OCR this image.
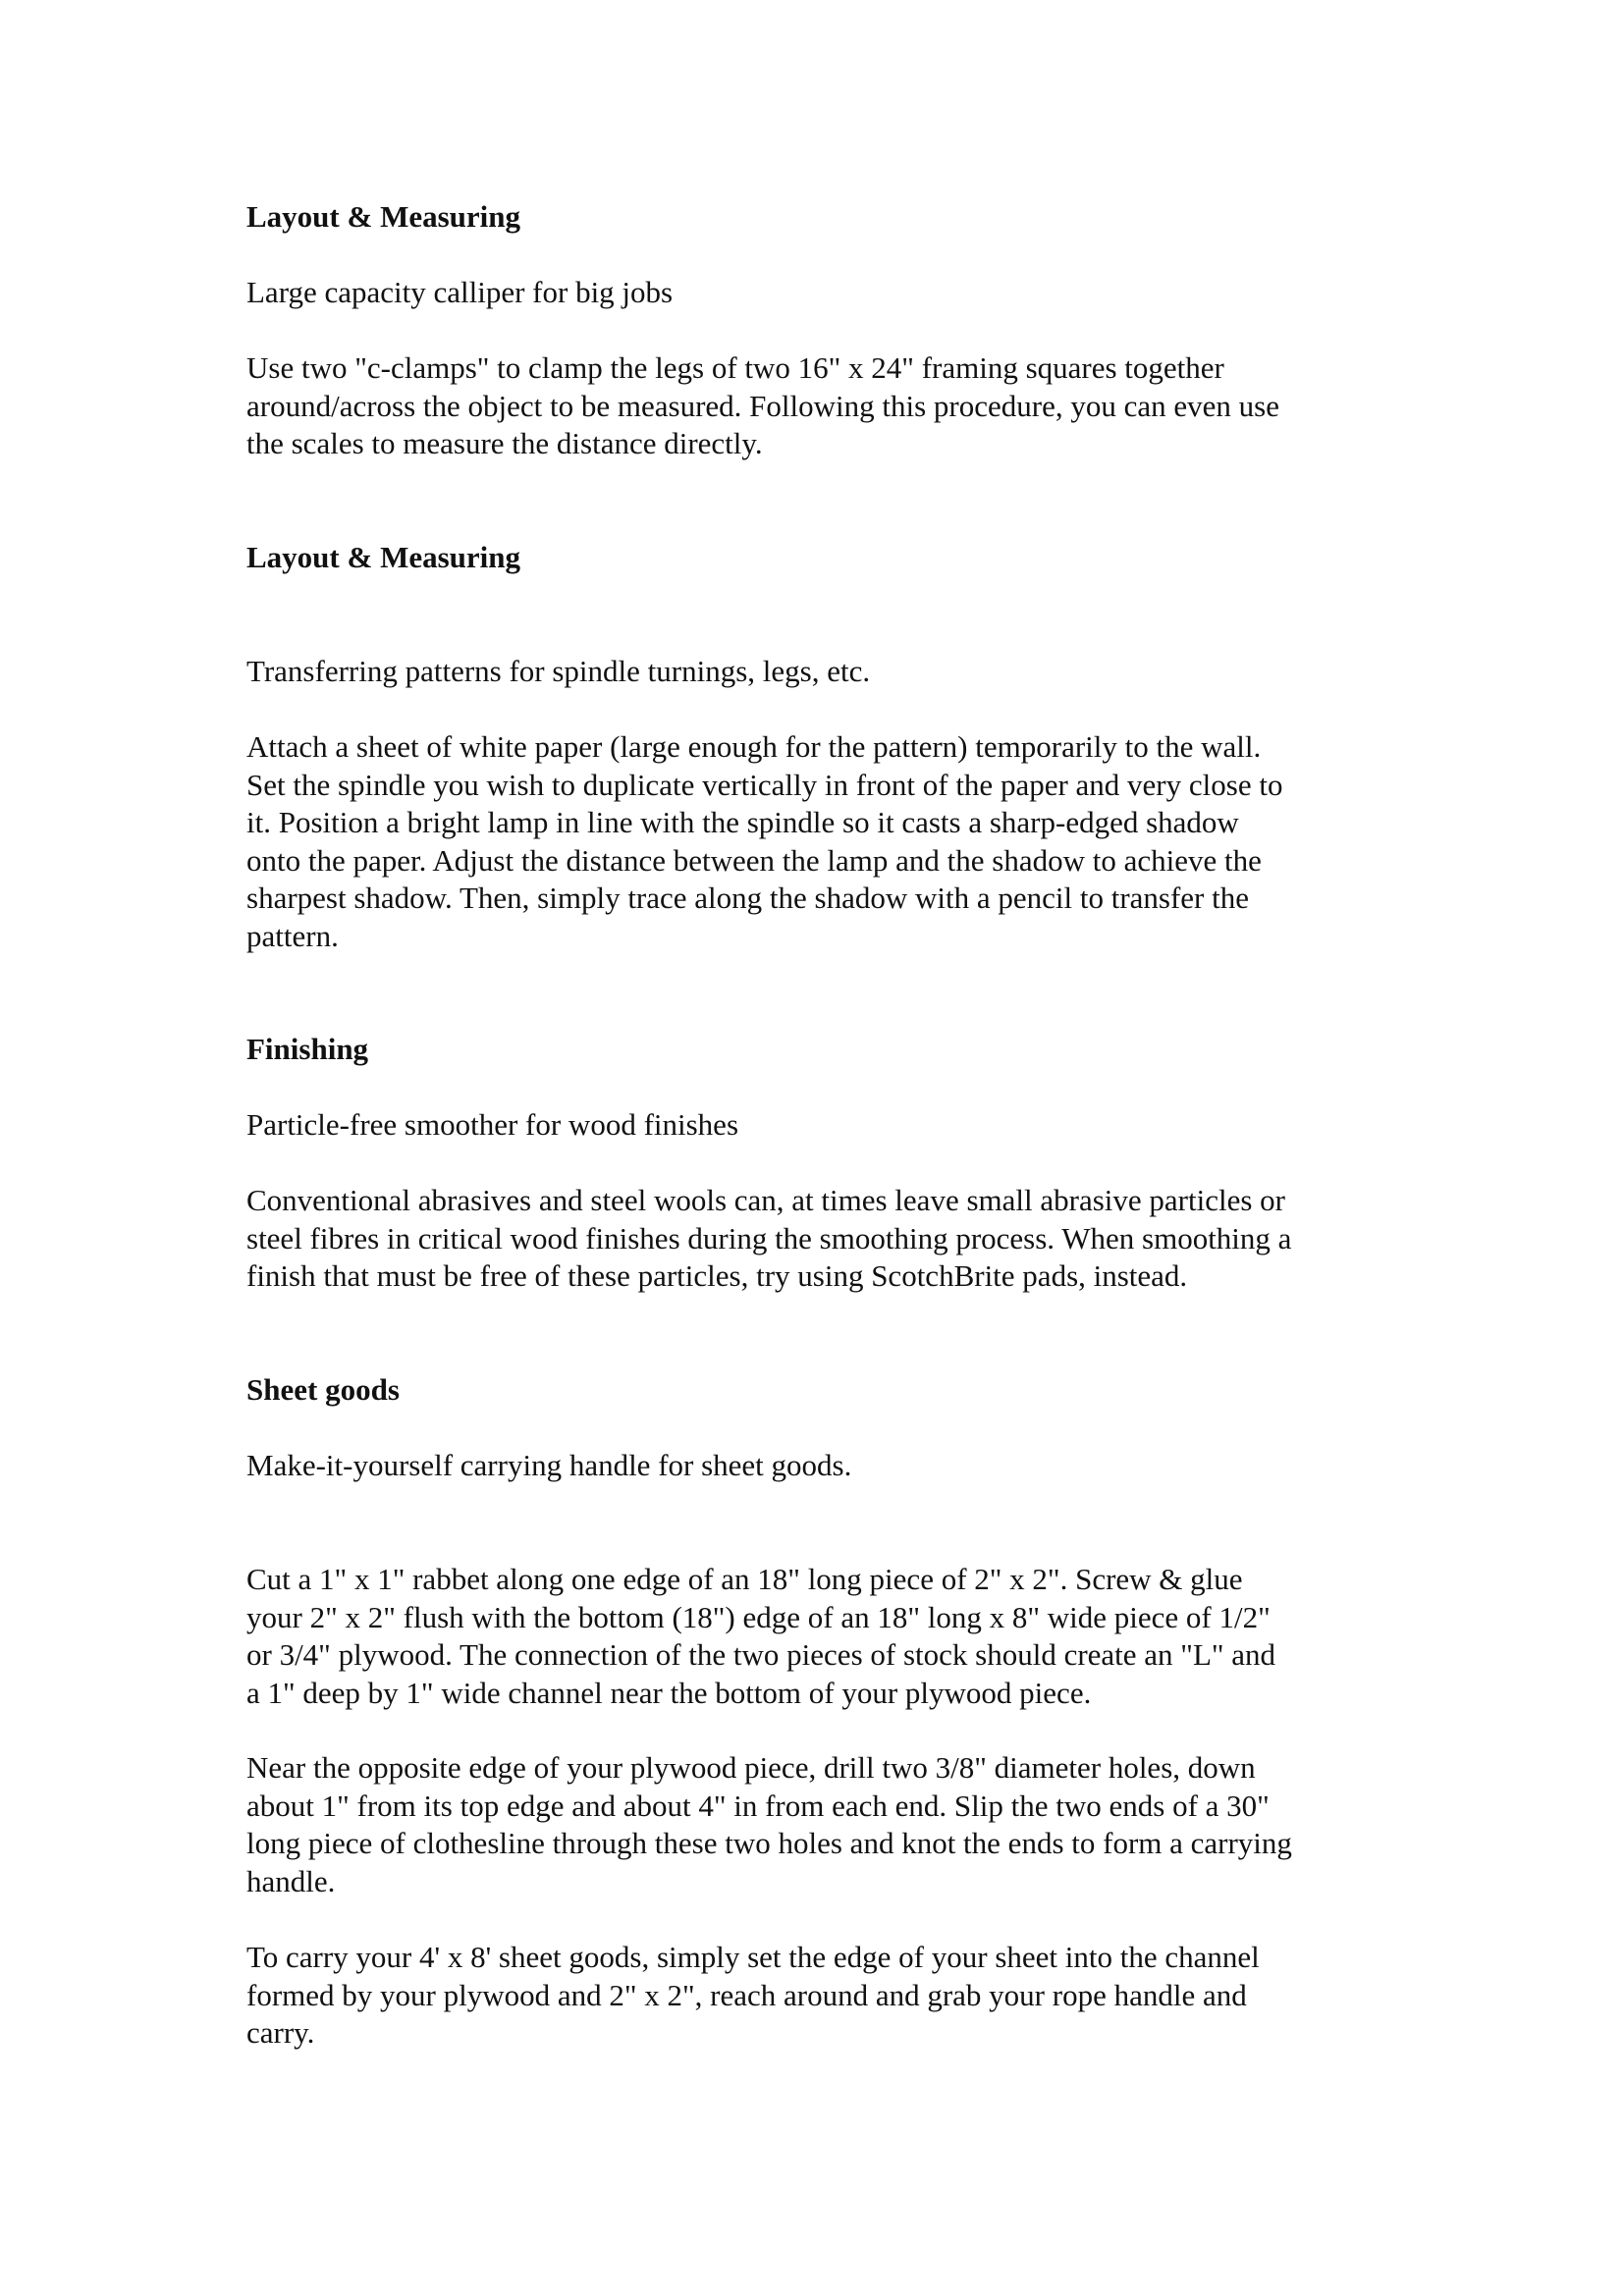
Layout & Measuring
Large capacity calliper for big jobs
Use two "c-clamps" to clamp the legs of two 16" x 24" framing squares together
around/across the object to be measured. Following this procedure, you can even use
the scales to measure the distance directly.
Layout & Measuring
Transferring patterns for spindle turnings, legs, etc.
Attach a sheet of white paper (large enough for the pattern) temporarily to the wall.
Set the spindle you wish to duplicate vertically in front of the paper and very close to
it. Position a bright lamp in line with the spindle so it casts a sharp-edged shadow
onto the paper. Adjust the distance between the lamp and the shadow to achieve the
sharpest shadow. Then, simply trace along the shadow with a pencil to transfer the
pattern.
Finishing
Particle-free smoother for wood finishes
Conventional abrasives and steel wools can, at times leave small abrasive particles or
steel fibres in critical wood finishes during the smoothing process. When smoothing a
finish that must be free of these particles, try using ScotchBrite pads, instead.
Sheet goods
Make-it-yourself carrying handle for sheet goods.
Cut a 1" x 1" rabbet along one edge of an 18" long piece of 2" x 2". Screw & glue
your 2" x 2" flush with the bottom (18") edge of an 18" long x 8" wide piece of 1/2"
or 3/4" plywood. The connection of the two pieces of stock should create an "L" and
a 1" deep by 1" wide channel near the bottom of your plywood piece.
Near the opposite edge of your plywood piece, drill two 3/8" diameter holes, down
about 1" from its top edge and about 4" in from each end. Slip the two ends of a 30"
long piece of clothesline through these two holes and knot the ends to form a carrying
handle.
To carry your 4' x 8' sheet goods, simply set the edge of your sheet into the channel
formed by your plywood and 2" x 2", reach around and grab your rope handle and
carry.
